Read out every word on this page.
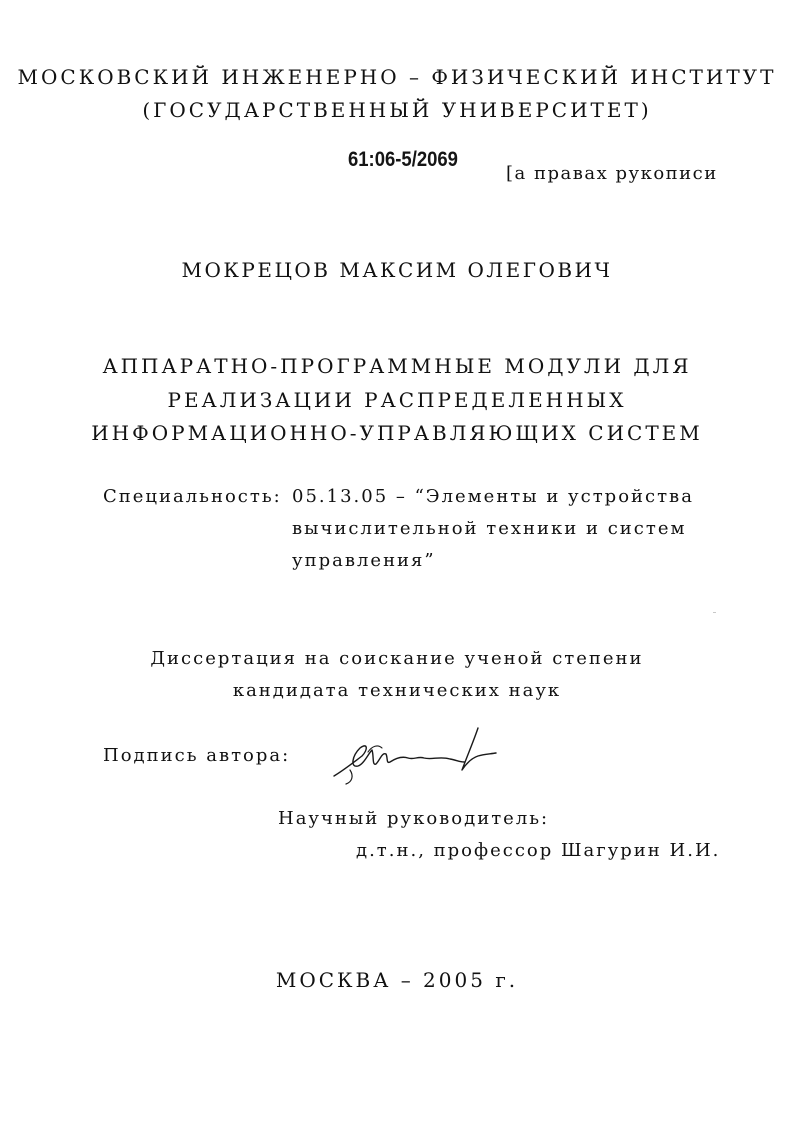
МОСКОВСКИЙ ИНЖЕНЕРНО – ФИЗИЧЕСКИЙ ИНСТИТУТ
(ГОСУДАРСТВЕННЫЙ УНИВЕРСИТЕТ)
61:06-5/2069
[а правах рукописи
МОКРЕЦОВ МАКСИМ ОЛЕГОВИЧ
АППАРАТНО-ПРОГРАММНЫЕ МОДУЛИ ДЛЯ
РЕАЛИЗАЦИИ РАСПРЕДЕЛЕННЫХ
ИНФОРМАЦИОННО-УПРАВЛЯЮЩИХ СИСТЕМ
Специальность: 05.13.05 – “Элементы и устройства
вычислительной техники и систем
управления”
Диссертация на соискание ученой степени
кандидата технических наук
Подпись автора:
Научный руководитель:
д.т.н., профессор Шагурин И.И.
МОСКВА – 2005 г.
